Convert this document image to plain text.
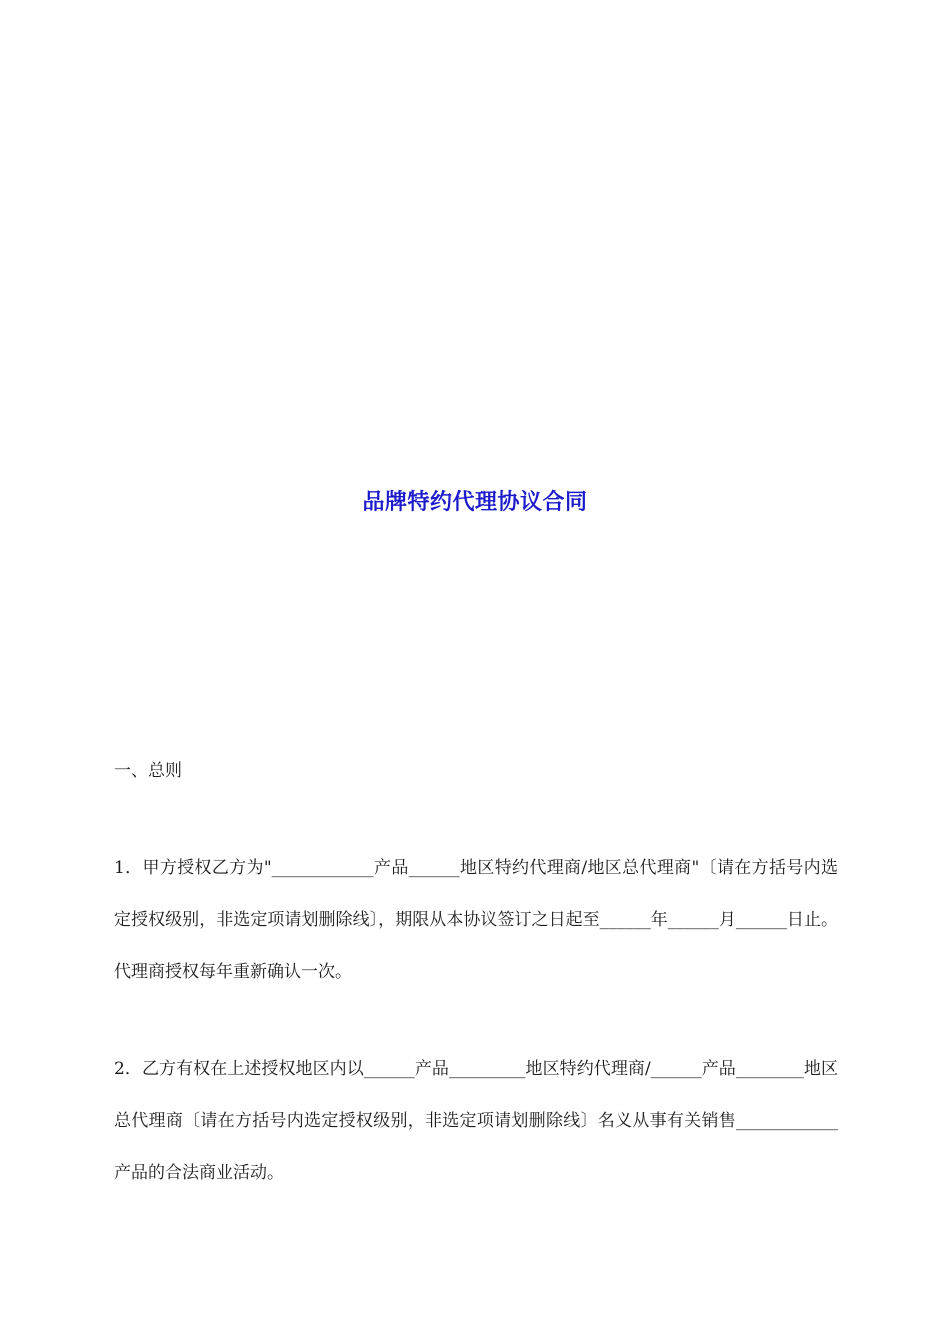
品牌特约代理协议合同

一、总则

1．甲方授权乙方为"____________产品______地区特约代理商/地区总代理商"〔请在方括号内选定授权级别，非选定项请划删除线〕，期限从本协议签订之日起至______年______月______日止。代理商授权每年重新确认一次。

2．乙方有权在上述授权地区内以______产品_________地区特约代理商/______产品________地区总代理商〔请在方括号内选定授权级别，非选定项请划删除线〕名义从事有关销售____________产品的合法商业活动。
